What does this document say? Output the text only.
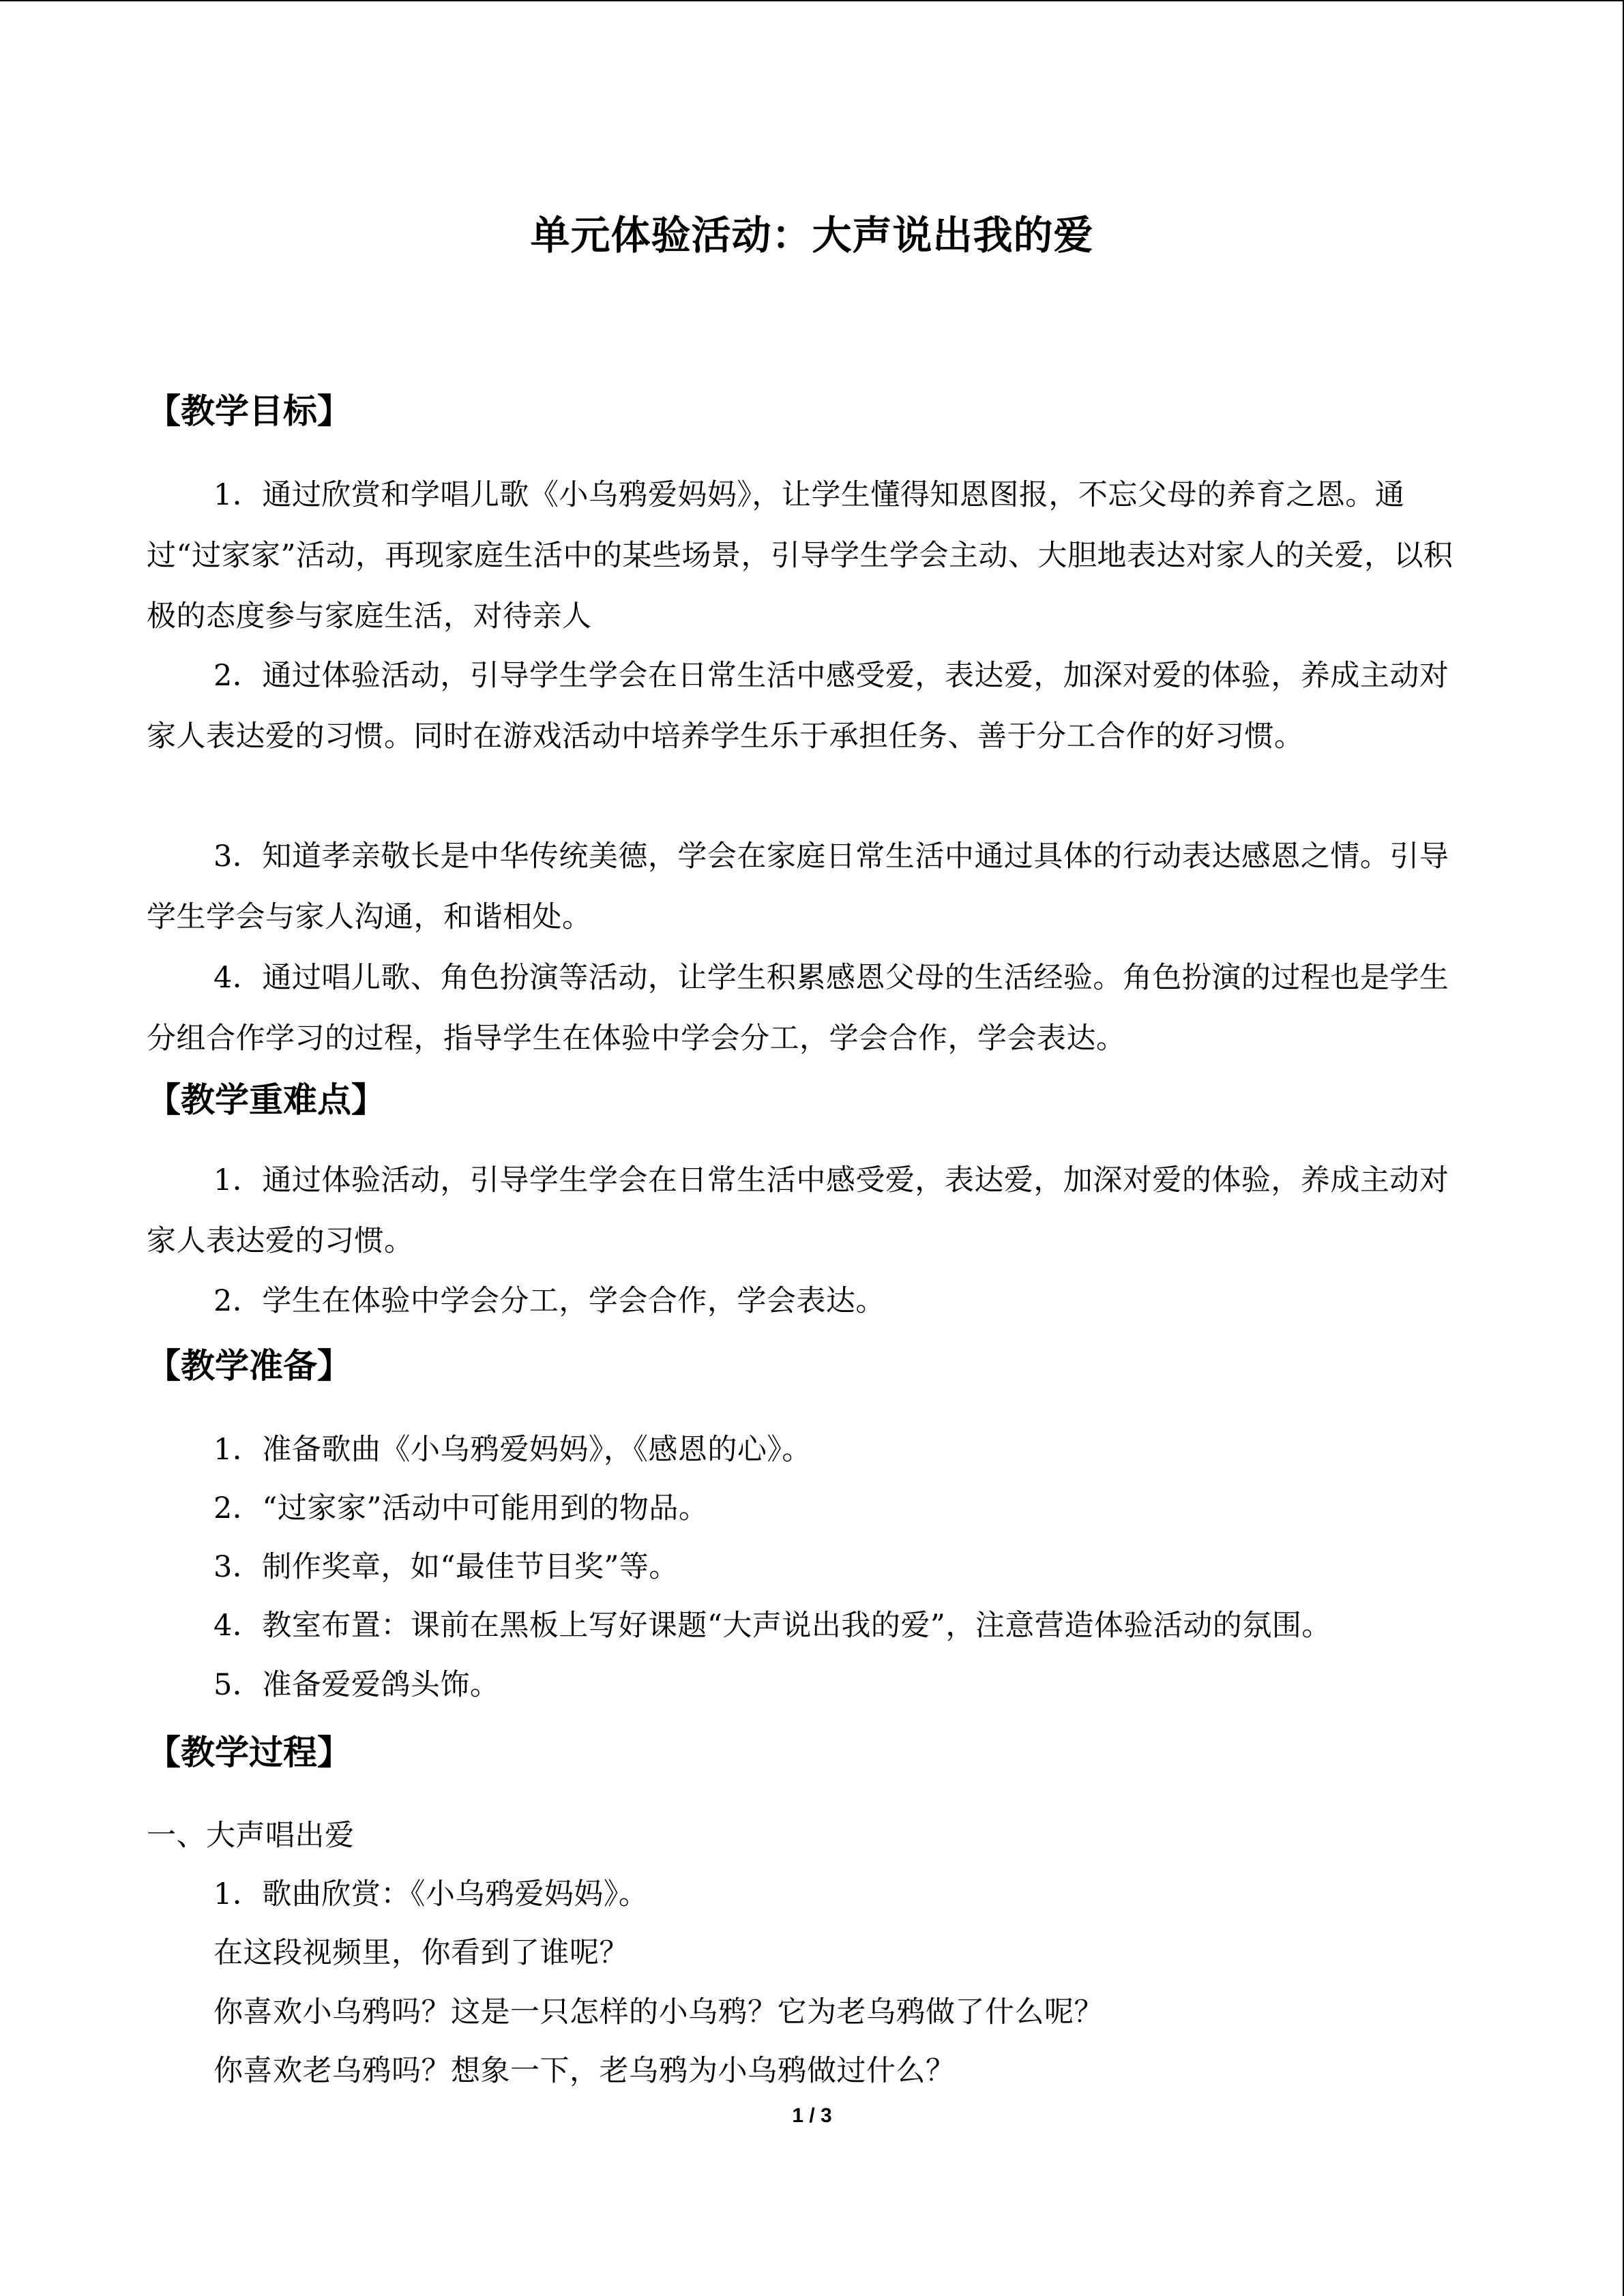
单元体验活动：大声说出我的爱
【教学目标】

1．通过欣赏和学唱儿歌《小乌鸦爱妈妈》，让学生懂得知恩图报，不忘父母的养育之恩。通过“过家家”活动，再现家庭生活中的某些场景，引导学生学会主动、大胆地表达对家人的关爱，以积极的态度参与家庭生活，对待亲人

2．通过体验活动，引导学生学会在日常生活中感受爱，表达爱，加深对爱的体验，养成主动对家人表达爱的习惯。同时在游戏活动中培养学生乐于承担任务、善于分工合作的好习惯。

3．知道孝亲敬长是中华传统美德，学会在家庭日常生活中通过具体的行动表达感恩之情。引导学生学会与家人沟通，和谐相处。

4．通过唱儿歌、角色扮演等活动，让学生积累感恩父母的生活经验。角色扮演的过程也是学生分组合作学习的过程，指导学生在体验中学会分工，学会合作，学会表达。

【教学重难点】

1．通过体验活动，引导学生学会在日常生活中感受爱，表达爱，加深对爱的体验，养成主动对家人表达爱的习惯。

2．学生在体验中学会分工，学会合作，学会表达。

【教学准备】

1．准备歌曲《小乌鸦爱妈妈》，《感恩的心》。

2．“过家家”活动中可能用到的物品。

3．制作奖章，如“最佳节目奖”等。

4．教室布置：课前在黑板上写好课题“大声说出我的爱”，注意营造体验活动的氛围。

5．准备爱爱鸽头饰。

【教学过程】

一、大声唱出爱

1．歌曲欣赏：《小乌鸦爱妈妈》。

在这段视频里，你看到了谁呢？

你喜欢小乌鸦吗？这是一只怎样的小乌鸦？它为老乌鸦做了什么呢？

你喜欢老乌鸦吗？想象一下，老乌鸦为小乌鸦做过什么？

1 / 3
